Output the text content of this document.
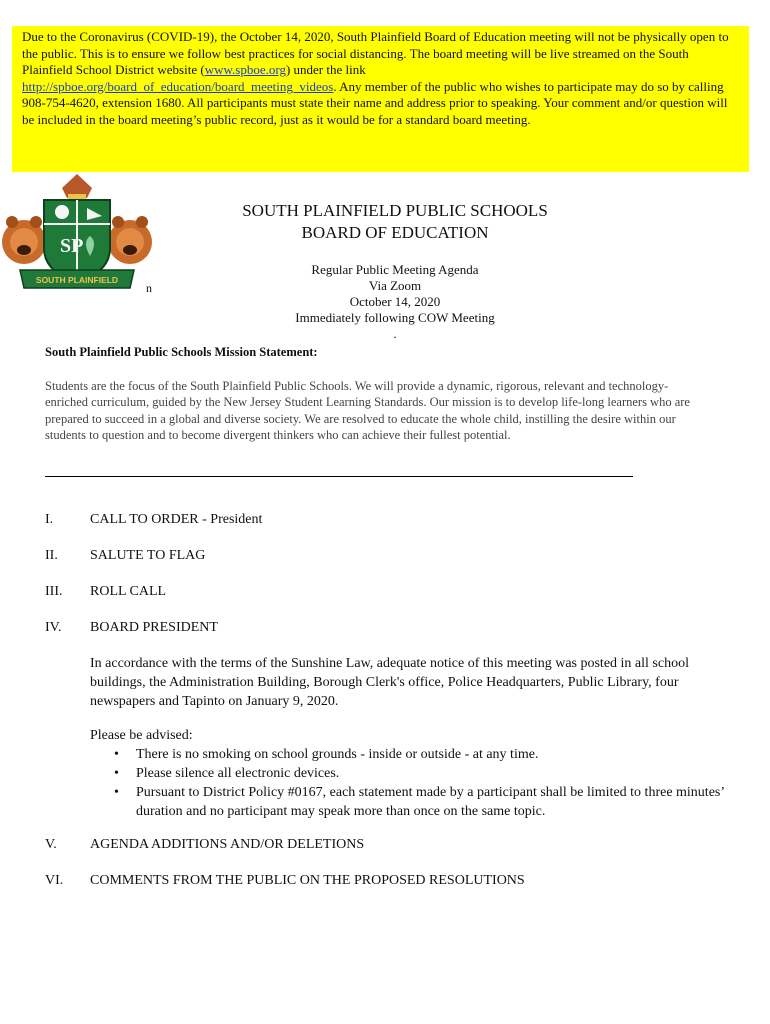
Due to the Coronavirus (COVID-19), the October 14, 2020, South Plainfield Board of Education meeting will not be physically open to the public. This is to ensure we follow best practices for social distancing. The board meeting will be live streamed on the South Plainfield School District website (www.spboe.org) under the link
http://spboe.org/board_of_education/board_meeting_videos. Any member of the public who wishes to participate may do so by calling 908-754-4620, extension 1680. All participants must state their name and address prior to speaking. Your comment and/or question will be included in the board meeting’s public record, just as it would be for a standard board meeting.
SP
SOUTH PLAINFIELD
n
SOUTH PLAINFIELD PUBLIC SCHOOLS
BOARD OF EDUCATION
Regular Public Meeting Agenda
Via Zoom
October 14, 2020
Immediately following COW Meeting
.
South Plainfield Public Schools Mission Statement:
Students are the focus of the South Plainfield Public Schools. We will provide a dynamic, rigorous, relevant and technology-enriched curriculum, guided by the New Jersey Student Learning Standards. Our mission is to develop life-long learners who are prepared to succeed in a global and diverse society. We are resolved to educate the whole child, instilling the desire within our students to question and to become divergent thinkers who can achieve their fullest potential.
I.	CALL TO ORDER - President
II. SALUTE TO FLAG
III. ROLL CALL
IV. BOARD PRESIDENT
In accordance with the terms of the Sunshine Law, adequate notice of this meeting was posted in all school buildings, the Administration Building, Borough Clerk's office, Police Headquarters, Public Library, four newspapers and Tapinto on January 9, 2020.
Please be advised:
• There is no smoking on school grounds - inside or outside - at any time.
• Please silence all electronic devices.
• Pursuant to District Policy #0167, each statement made by a participant shall be limited to three minutes’ duration and no participant may speak more than once on the same topic.
V. AGENDA ADDITIONS AND/OR DELETIONS
VI. COMMENTS FROM THE PUBLIC ON THE PROPOSED RESOLUTIONS
